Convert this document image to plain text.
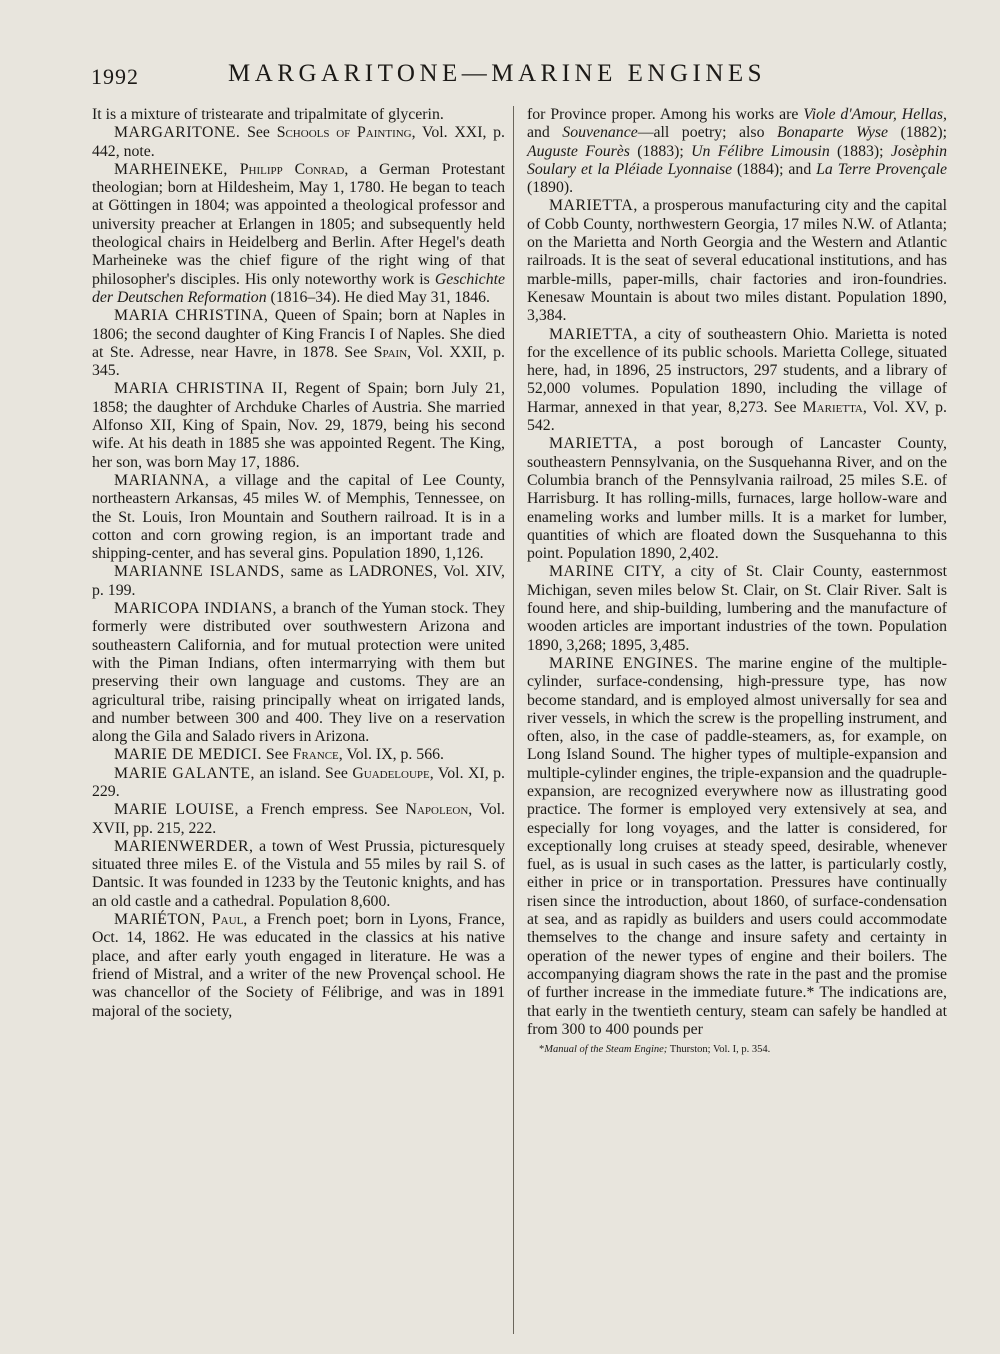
1992	MARGARITONE—MARINE ENGINES

It is a mixture of tristearate and tripalmitate of glycerin.

MARGARITONE. See Schools of Painting, Vol. XXI, p. 442, note.

MARHEINEKE, Philipp Conrad, a German Protestant theologian; born at Hildesheim, May 1, 1780. He began to teach at Göttingen in 1804; was appointed a theological professor and university preacher at Erlangen in 1805; and subsequently held theological chairs in Heidelberg and Berlin. After Hegel's death Marheineke was the chief figure of the right wing of that philosopher's disciples. His only noteworthy work is Geschichte der Deutschen Reformation (1816–34). He died May 31, 1846.

MARIA CHRISTINA, Queen of Spain; born at Naples in 1806; the second daughter of King Francis I of Naples. She died at Ste. Adresse, near Havre, in 1878. See Spain, Vol. XXII, p. 345.

MARIA CHRISTINA II, Regent of Spain; born July 21, 1858; the daughter of Archduke Charles of Austria. She married Alfonso XII, King of Spain, Nov. 29, 1879, being his second wife. At his death in 1885 she was appointed Regent. The King, her son, was born May 17, 1886.

MARIANNA, a village and the capital of Lee County, northeastern Arkansas, 45 miles W. of Memphis, Tennessee, on the St. Louis, Iron Mountain and Southern railroad. It is in a cotton and corn growing region, is an important trade and shipping-center, and has several gins. Population 1890, 1,126.

MARIANNE ISLANDS, same as LADRONES, Vol. XIV, p. 199.

MARICOPA INDIANS, a branch of the Yuman stock. They formerly were distributed over southwestern Arizona and southeastern California, and for mutual protection were united with the Piman Indians, often intermarrying with them but preserving their own language and customs. They are an agricultural tribe, raising principally wheat on irrigated lands, and number between 300 and 400. They live on a reservation along the Gila and Salado rivers in Arizona.

MARIE DE MEDICI. See France, Vol. IX, p. 566.

MARIE GALANTE, an island. See Guadeloupe, Vol. XI, p. 229.

MARIE LOUISE, a French empress. See Napoleon, Vol. XVII, pp. 215, 222.

MARIENWERDER, a town of West Prussia, picturesquely situated three miles E. of the Vistula and 55 miles by rail S. of Dantsic. It was founded in 1233 by the Teutonic knights, and has an old castle and a cathedral. Population 8,600.

MARIÉTON, Paul, a French poet; born in Lyons, France, Oct. 14, 1862. He was educated in the classics at his native place, and after early youth engaged in literature. He was a friend of Mistral, and a writer of the new Provençal school. He was chancellor of the Society of Félibrige, and was in 1891 majoral of the society,

for Province proper. Among his works are Viole d'Amour, Hellas, and Souvenance—all poetry; also Bonaparte Wyse (1882); Auguste Fourès (1883); Un Félibre Limousin (1883); Josèphin Soulary et la Pléiade Lyonnaise (1884); and La Terre Provençale (1890).

MARIETTA, a prosperous manufacturing city and the capital of Cobb County, northwestern Georgia, 17 miles N.W. of Atlanta; on the Marietta and North Georgia and the Western and Atlantic railroads. It is the seat of several educational institutions, and has marble-mills, paper-mills, chair factories and iron-foundries. Kenesaw Mountain is about two miles distant. Population 1890, 3,384.

MARIETTA, a city of southeastern Ohio. Marietta is noted for the excellence of its public schools. Marietta College, situated here, had, in 1896, 25 instructors, 297 students, and a library of 52,000 volumes. Population 1890, including the village of Harmar, annexed in that year, 8,273. See Marietta, Vol. XV, p. 542.

MARIETTA, a post borough of Lancaster County, southeastern Pennsylvania, on the Susquehanna River, and on the Columbia branch of the Pennsylvania railroad, 25 miles S.E. of Harrisburg. It has rolling-mills, furnaces, large hollow-ware and enameling works and lumber mills. It is a market for lumber, quantities of which are floated down the Susquehanna to this point. Population 1890, 2,402.

MARINE CITY, a city of St. Clair County, easternmost Michigan, seven miles below St. Clair, on St. Clair River. Salt is found here, and ship-building, lumbering and the manufacture of wooden articles are important industries of the town. Population 1890, 3,268; 1895, 3,485.

MARINE ENGINES. The marine engine of the multiple-cylinder, surface-condensing, high-pressure type, has now become standard, and is employed almost universally for sea and river vessels, in which the screw is the propelling instrument, and often, also, in the case of paddle-steamers, as, for example, on Long Island Sound. The higher types of multiple-expansion and multiple-cylinder engines, the triple-expansion and the quadruple-expansion, are recognized everywhere now as illustrating good practice. The former is employed very extensively at sea, and especially for long voyages, and the latter is considered, for exceptionally long cruises at steady speed, desirable, whenever fuel, as is usual in such cases as the latter, is particularly costly, either in price or in transportation. Pressures have continually risen since the introduction, about 1860, of surface-condensation at sea, and as rapidly as builders and users could accommodate themselves to the change and insure safety and certainty in operation of the newer types of engine and their boilers. The accompanying diagram shows the rate in the past and the promise of further increase in the immediate future.* The indications are, that early in the twentieth century, steam can safely be handled at from 300 to 400 pounds per

*Manual of the Steam Engine; Thurston; Vol. I, p. 354.
